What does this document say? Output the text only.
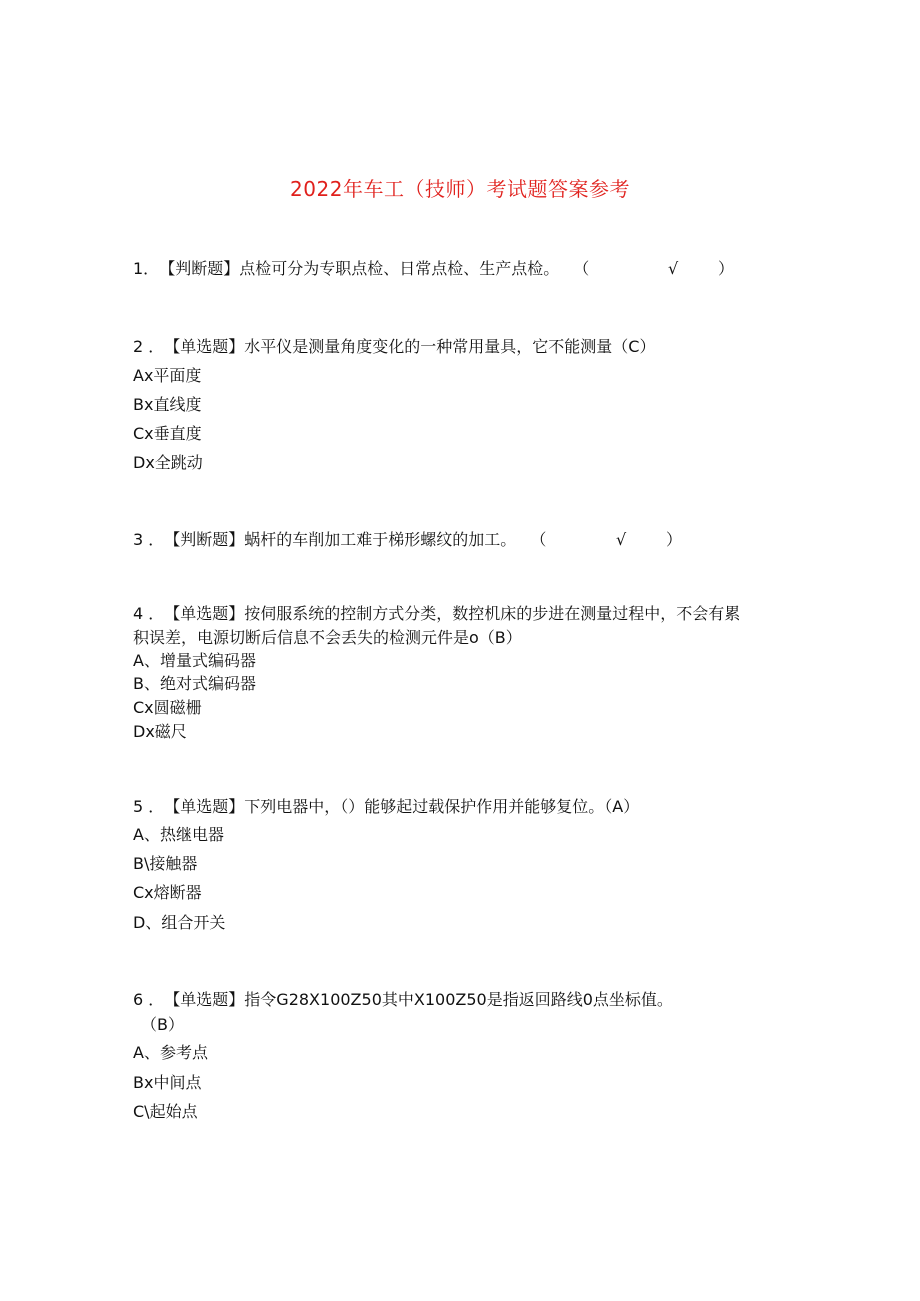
2022年车工（技师）考试题答案参考
1．【判断题】点检可分为专职点检、日常点检、生产点检。 （	√ ）
2 ．【单选题】水平仪是测量角度变化的一种常用量具，它不能测量（C）
Ax平面度
Bx直线度
Cx垂直度
Dx全跳动
3 ．【判断题】蜗杆的车削加工难于梯形螺纹的加工。 （	√ ）
4 ．【单选题】按伺服系统的控制方式分类，数控机床的步进在测量过程中，不会有累
积误差，电源切断后信息不会丢失的检测元件是o（B）
A、增量式编码器
B、绝对式编码器
Cx圆磁栅
Dx磁尺
5 ．【单选题】下列电器中，（）能够起过载保护作用并能够复位。（A）
A、热继电器
B\接触器
Cx熔断器
D、组合开关
6 ．【单选题】指令G28X100Z50其中X100Z50是指返回路线0点坐标值。
（B）
A、参考点
Bx中间点
C\起始点
